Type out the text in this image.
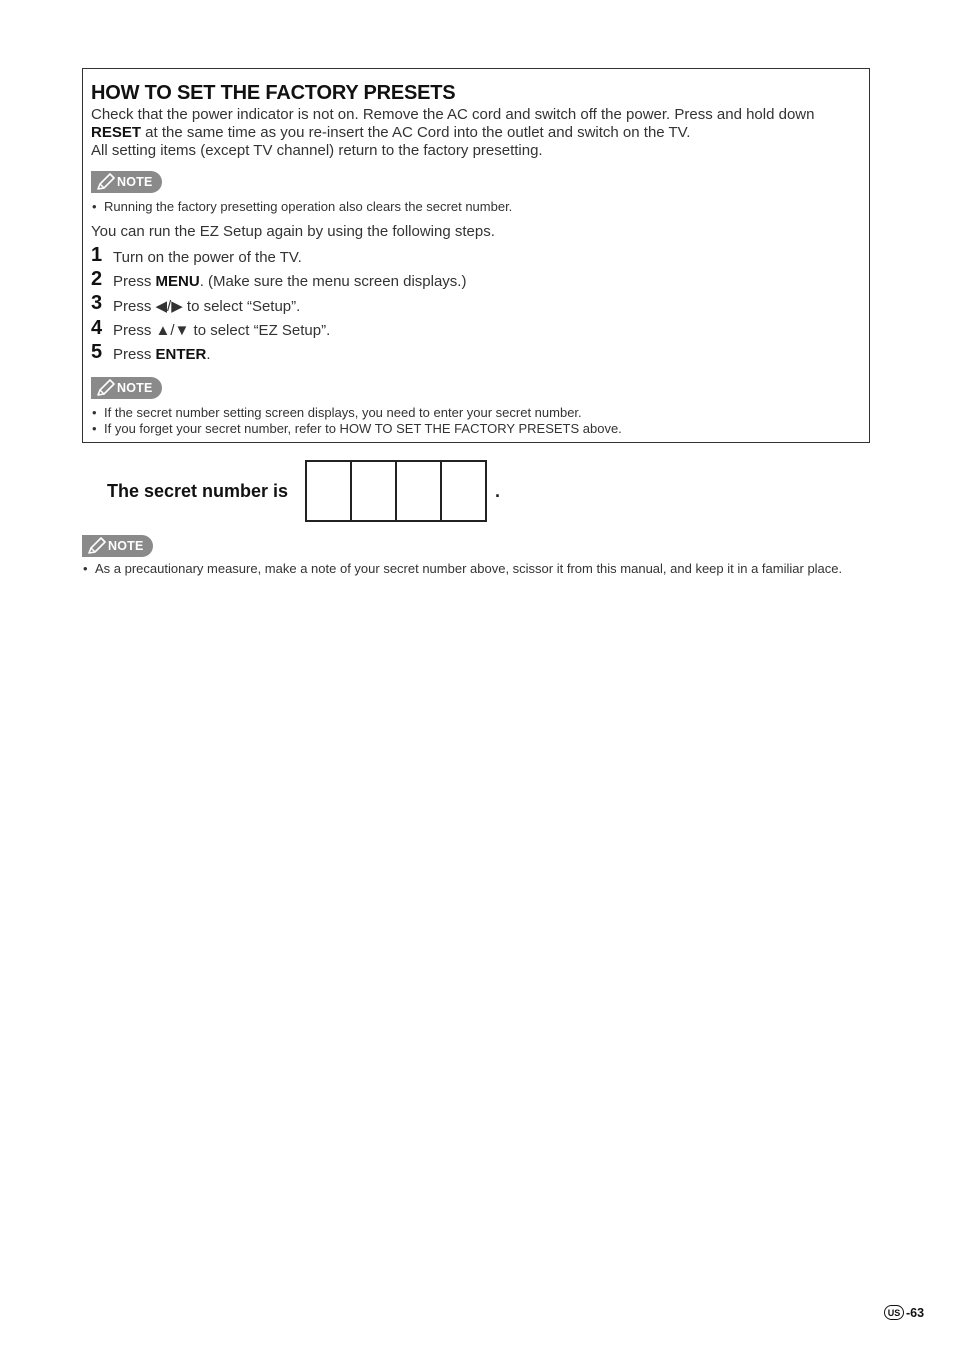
HOW TO SET THE FACTORY PRESETS
Check that the power indicator is not on. Remove the AC cord and switch off the power. Press and hold down
RESET at the same time as you re-insert the AC Cord into the outlet and switch on the TV.
All setting items (except TV channel) return to the factory presetting.
NOTE
• Running the factory presetting operation also clears the secret number.
You can run the EZ Setup again by using the following steps.
1 Turn on the power of the TV.
2 Press MENU. (Make sure the menu screen displays.)
3 Press ◀/▶ to select “Setup”.
4 Press ▲/▼ to select “EZ Setup”.
5 Press ENTER.
NOTE
• If the secret number setting screen displays, you need to enter your secret number.
• If you forget your secret number, refer to HOW TO SET THE FACTORY PRESETS above.
The secret number is	.
NOTE
• As a precautionary measure, make a note of your secret number above, scissor it from this manual, and keep it in a familiar place.
US -63
